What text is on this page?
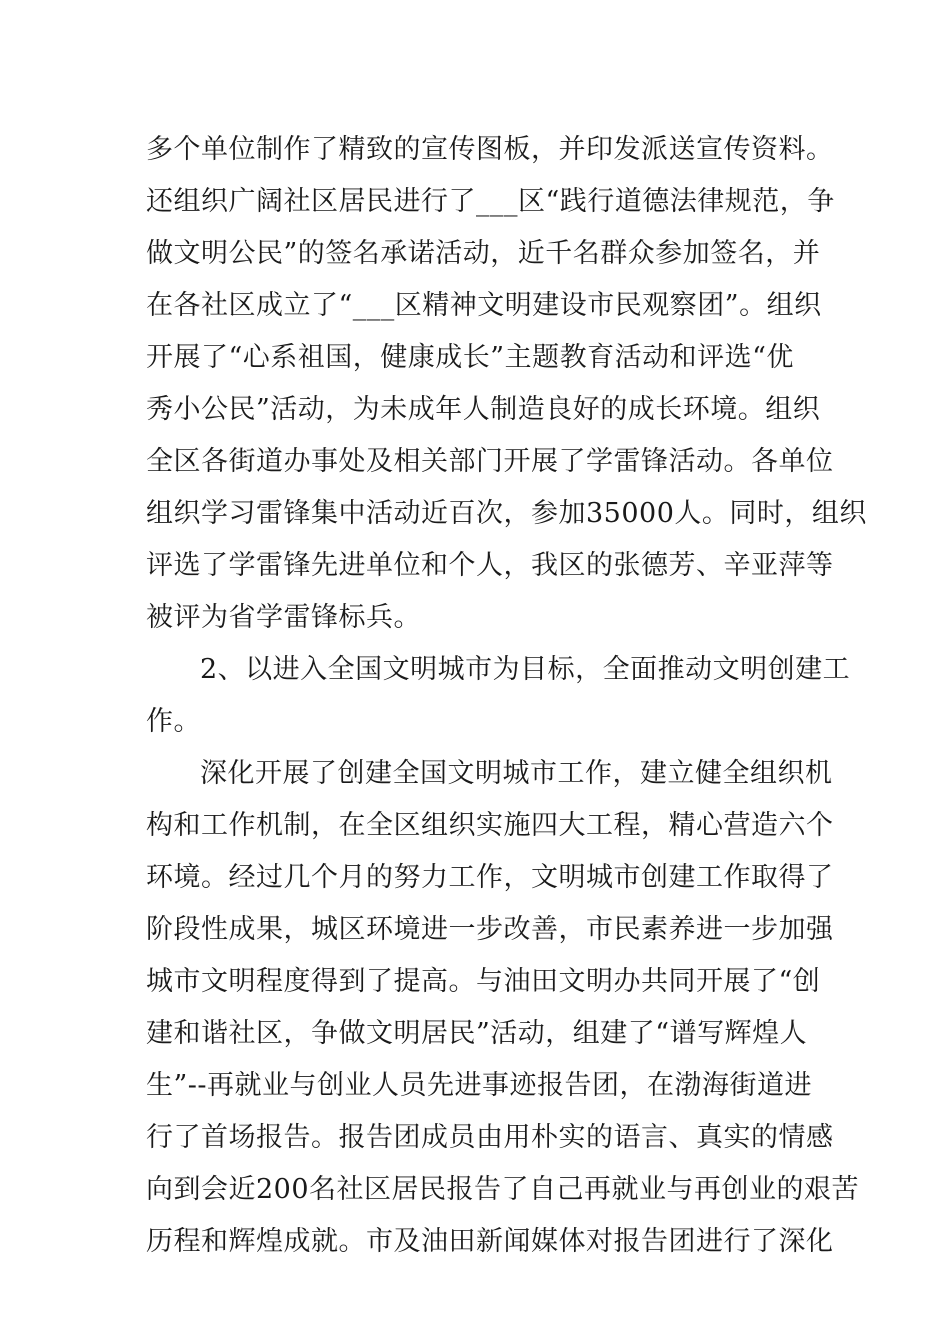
多个单位制作了精致的宣传图板，并印发派送宣传资料。
还组织广阔社区居民进行了___区“践行道德法律规范，争
做文明公民”的签名承诺活动，近千名群众参加签名，并
在各社区成立了“___区精神文明建设市民观察团”。组织
开展了“心系祖国，健康成长”主题教育活动和评选“优
秀小公民”活动，为未成年人制造良好的成长环境。组织
全区各街道办事处及相关部门开展了学雷锋活动。各单位
组织学习雷锋集中活动近百次，参加35000人。同时，组织
评选了学雷锋先进单位和个人，我区的张德芳、辛亚萍等
被评为省学雷锋标兵。
2、以进入全国文明城市为目标，全面推动文明创建工
作。
深化开展了创建全国文明城市工作，建立健全组织机
构和工作机制，在全区组织实施四大工程，精心营造六个
环境。经过几个月的努力工作，文明城市创建工作取得了
阶段性成果，城区环境进一步改善，市民素养进一步加强
城市文明程度得到了提高。与油田文明办共同开展了“创
建和谐社区，争做文明居民”活动，组建了“谱写辉煌人
生”--再就业与创业人员先进事迹报告团，在渤海街道进
行了首场报告。报告团成员由用朴实的语言、真实的情感
向到会近200名社区居民报告了自己再就业与再创业的艰苦
历程和辉煌成就。市及油田新闻媒体对报告团进行了深化
